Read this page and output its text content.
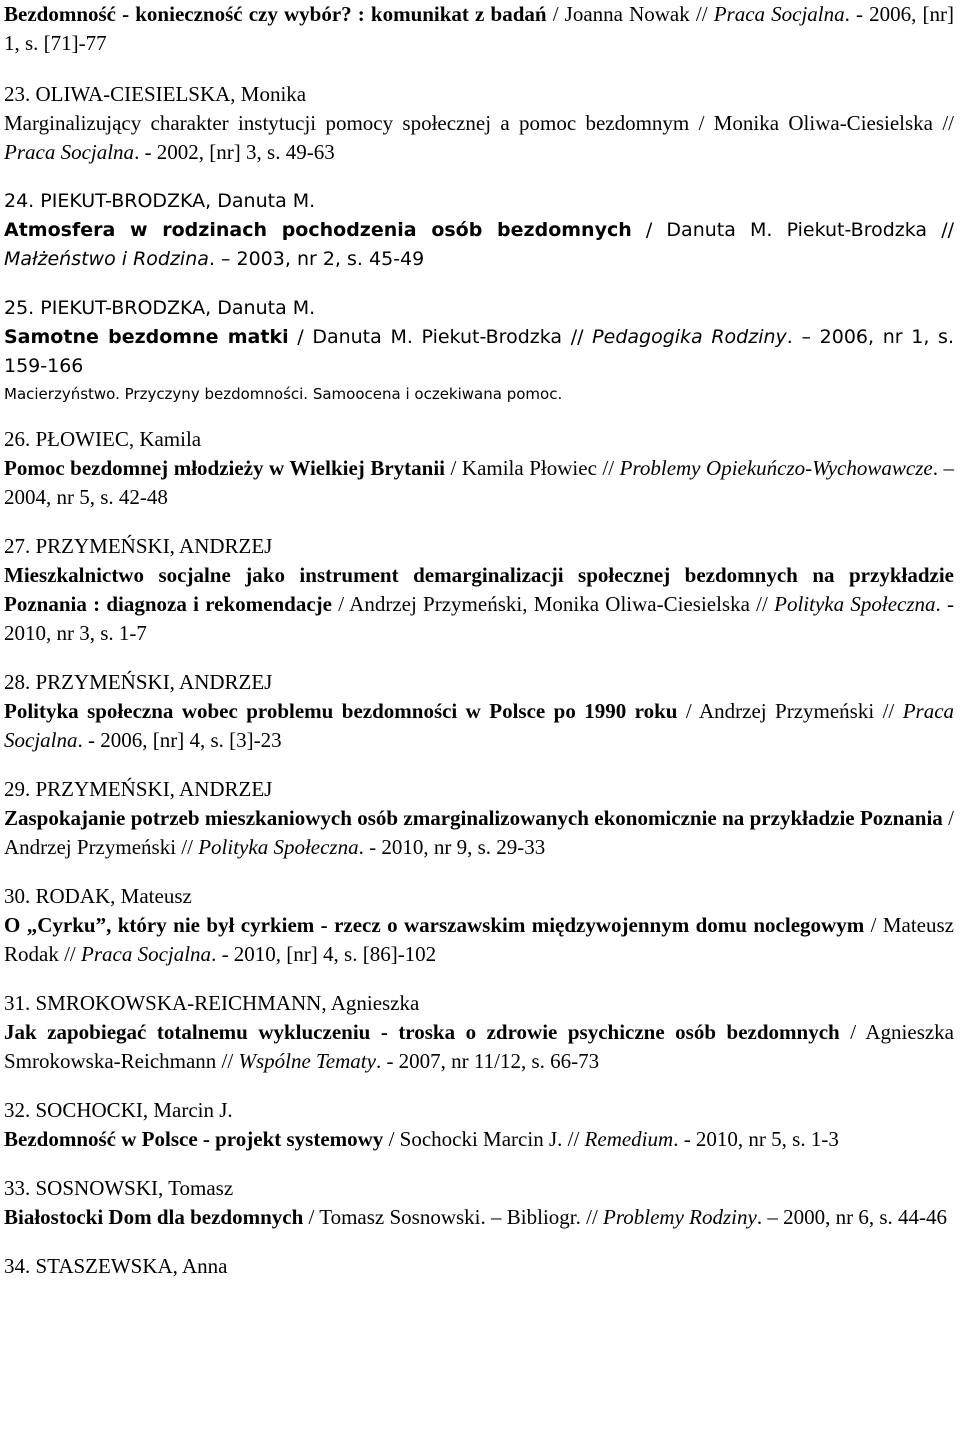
Bezdomność - konieczność czy wybór? : komunikat z badań / Joanna Nowak // Praca Socjalna. - 2006, [nr] 1, s. [71]-77

23. OLIWA-CIESIELSKA, Monika
Marginalizujący charakter instytucji pomocy społecznej a pomoc bezdomnym / Monika Oliwa-Ciesielska // Praca Socjalna. - 2002, [nr] 3, s. 49-63

24. PIEKUT-BRODZKA, Danuta M.
Atmosfera w rodzinach pochodzenia osób bezdomnych / Danuta M. Piekut-Brodzka // Małżeństwo i Rodzina. – 2003, nr 2, s. 45-49

25. PIEKUT-BRODZKA, Danuta M.
Samotne bezdomne matki / Danuta M. Piekut-Brodzka // Pedagogika Rodziny. – 2006, nr 1, s. 159-166
Macierzyństwo. Przyczyny bezdomności. Samoocena i oczekiwana pomoc.

26. PŁOWIEC, Kamila
Pomoc bezdomnej młodzieży w Wielkiej Brytanii / Kamila Płowiec // Problemy Opiekuńczo-Wychowawcze. – 2004, nr 5, s. 42-48

27. PRZYMEŃSKI, ANDRZEJ
Mieszkalnictwo socjalne jako instrument demarginalizacji społecznej bezdomnych na przykładzie Poznania : diagnoza i rekomendacje / Andrzej Przymeński, Monika Oliwa-Ciesielska // Polityka Społeczna. - 2010, nr 3, s. 1-7

28. PRZYMEŃSKI, ANDRZEJ
Polityka społeczna wobec problemu bezdomności w Polsce po 1990 roku / Andrzej Przymeński // Praca Socjalna. - 2006, [nr] 4, s. [3]-23

29. PRZYMEŃSKI, ANDRZEJ
Zaspokajanie potrzeb mieszkaniowych osób zmarginalizowanych ekonomicznie na przykładzie Poznania / Andrzej Przymeński // Polityka Społeczna. - 2010, nr 9, s. 29-33

30. RODAK, Mateusz
O „Cyrku”, który nie był cyrkiem - rzecz o warszawskim międzywojennym domu noclegowym / Mateusz Rodak // Praca Socjalna. - 2010, [nr] 4, s. [86]-102

31. SMROKOWSKA-REICHMANN, Agnieszka
Jak zapobiegać totalnemu wykluczeniu - troska o zdrowie psychiczne osób bezdomnych / Agnieszka Smrokowska-Reichmann // Wspólne Tematy. - 2007, nr 11/12, s. 66-73

32. SOCHOCKI, Marcin J.
Bezdomność w Polsce - projekt systemowy / Sochocki Marcin J. // Remedium. - 2010, nr 5, s. 1-3

33. SOSNOWSKI, Tomasz
Białostocki Dom dla bezdomnych / Tomasz Sosnowski. – Bibliogr. // Problemy Rodziny. – 2000, nr 6, s. 44-46

34. STASZEWSKA, Anna
